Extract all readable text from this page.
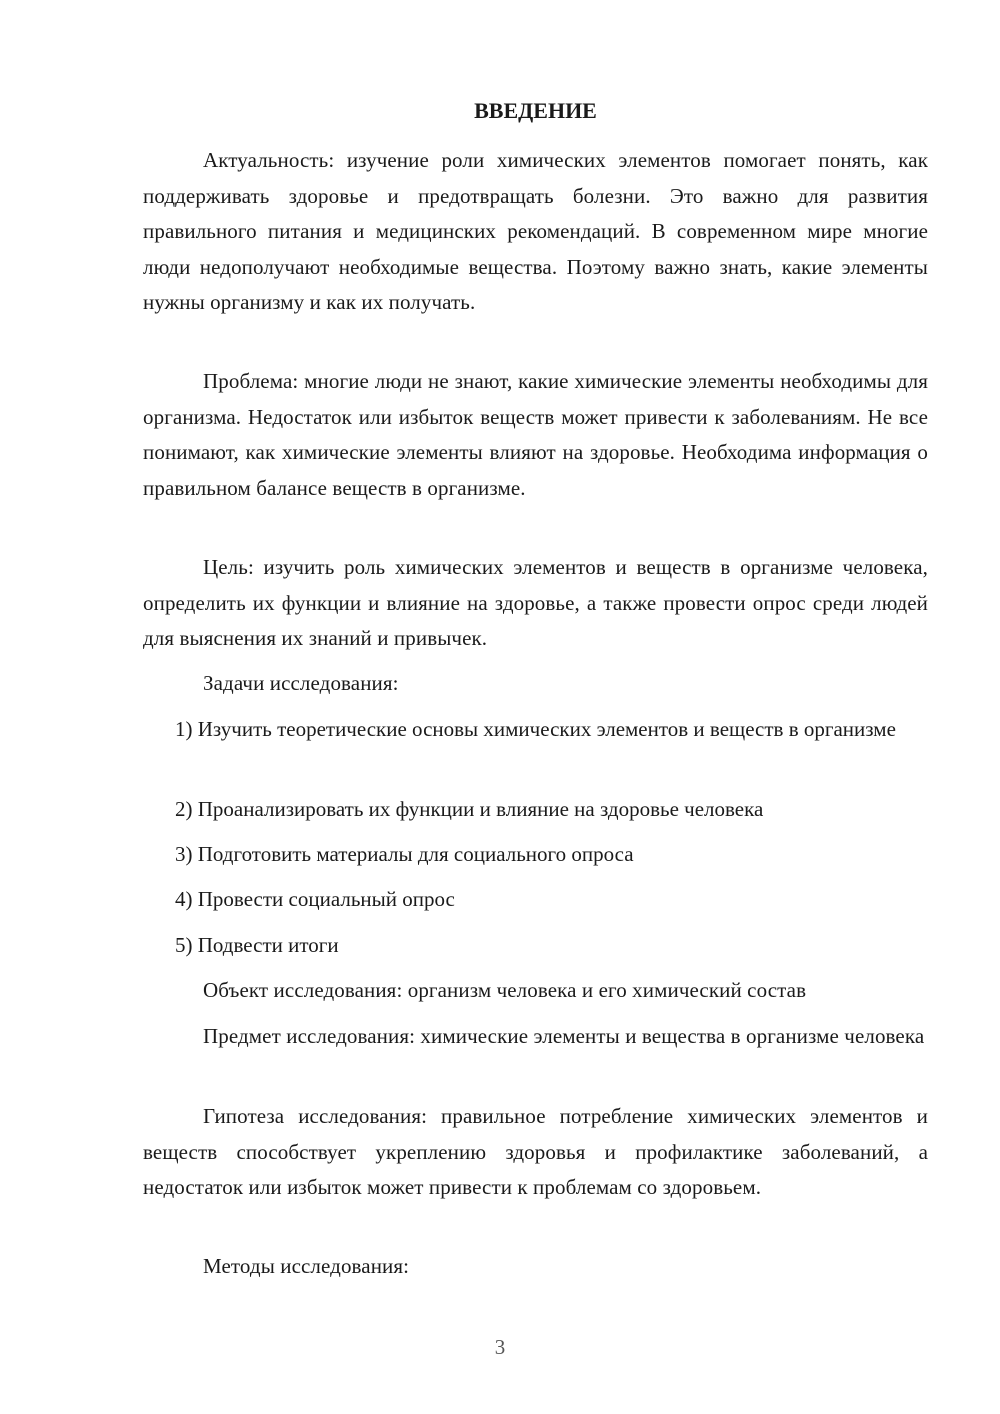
ВВЕДЕНИЕ

Актуальность: изучение роли химических элементов помогает понять, как поддерживать здоровье и предотвращать болезни. Это важно для развития правильного питания и медицинских рекомендаций. В современном мире многие люди недополучают необходимые вещества. Поэтому важно знать, какие элементы нужны организму и как их получать.

Проблема: многие люди не знают, какие химические элементы необходимы для организма. Недостаток или избыток веществ может привести к заболеваниям. Не все понимают, как химические элементы влияют на здоровье. Необходима информация о правильном балансе веществ в организме.

Цель: изучить роль химических элементов и веществ в организме человека, определить их функции и влияние на здоровье, а также провести опрос среди людей для выяснения их знаний и привычек.

Задачи исследования:

1) Изучить теоретические основы химических элементов и веществ в организме

2) Проанализировать их функции и влияние на здоровье человека

3) Подготовить материалы для социального опроса

4) Провести социальный опрос

5) Подвести итоги

Объект исследования: организм человека и его химический состав

Предмет исследования: химические элементы и вещества в организме человека

Гипотеза исследования: правильное потребление химических элементов и веществ способствует укреплению здоровья и профилактике заболеваний, а недостаток или избыток может привести к проблемам со здоровьем.

Методы исследования:

3
